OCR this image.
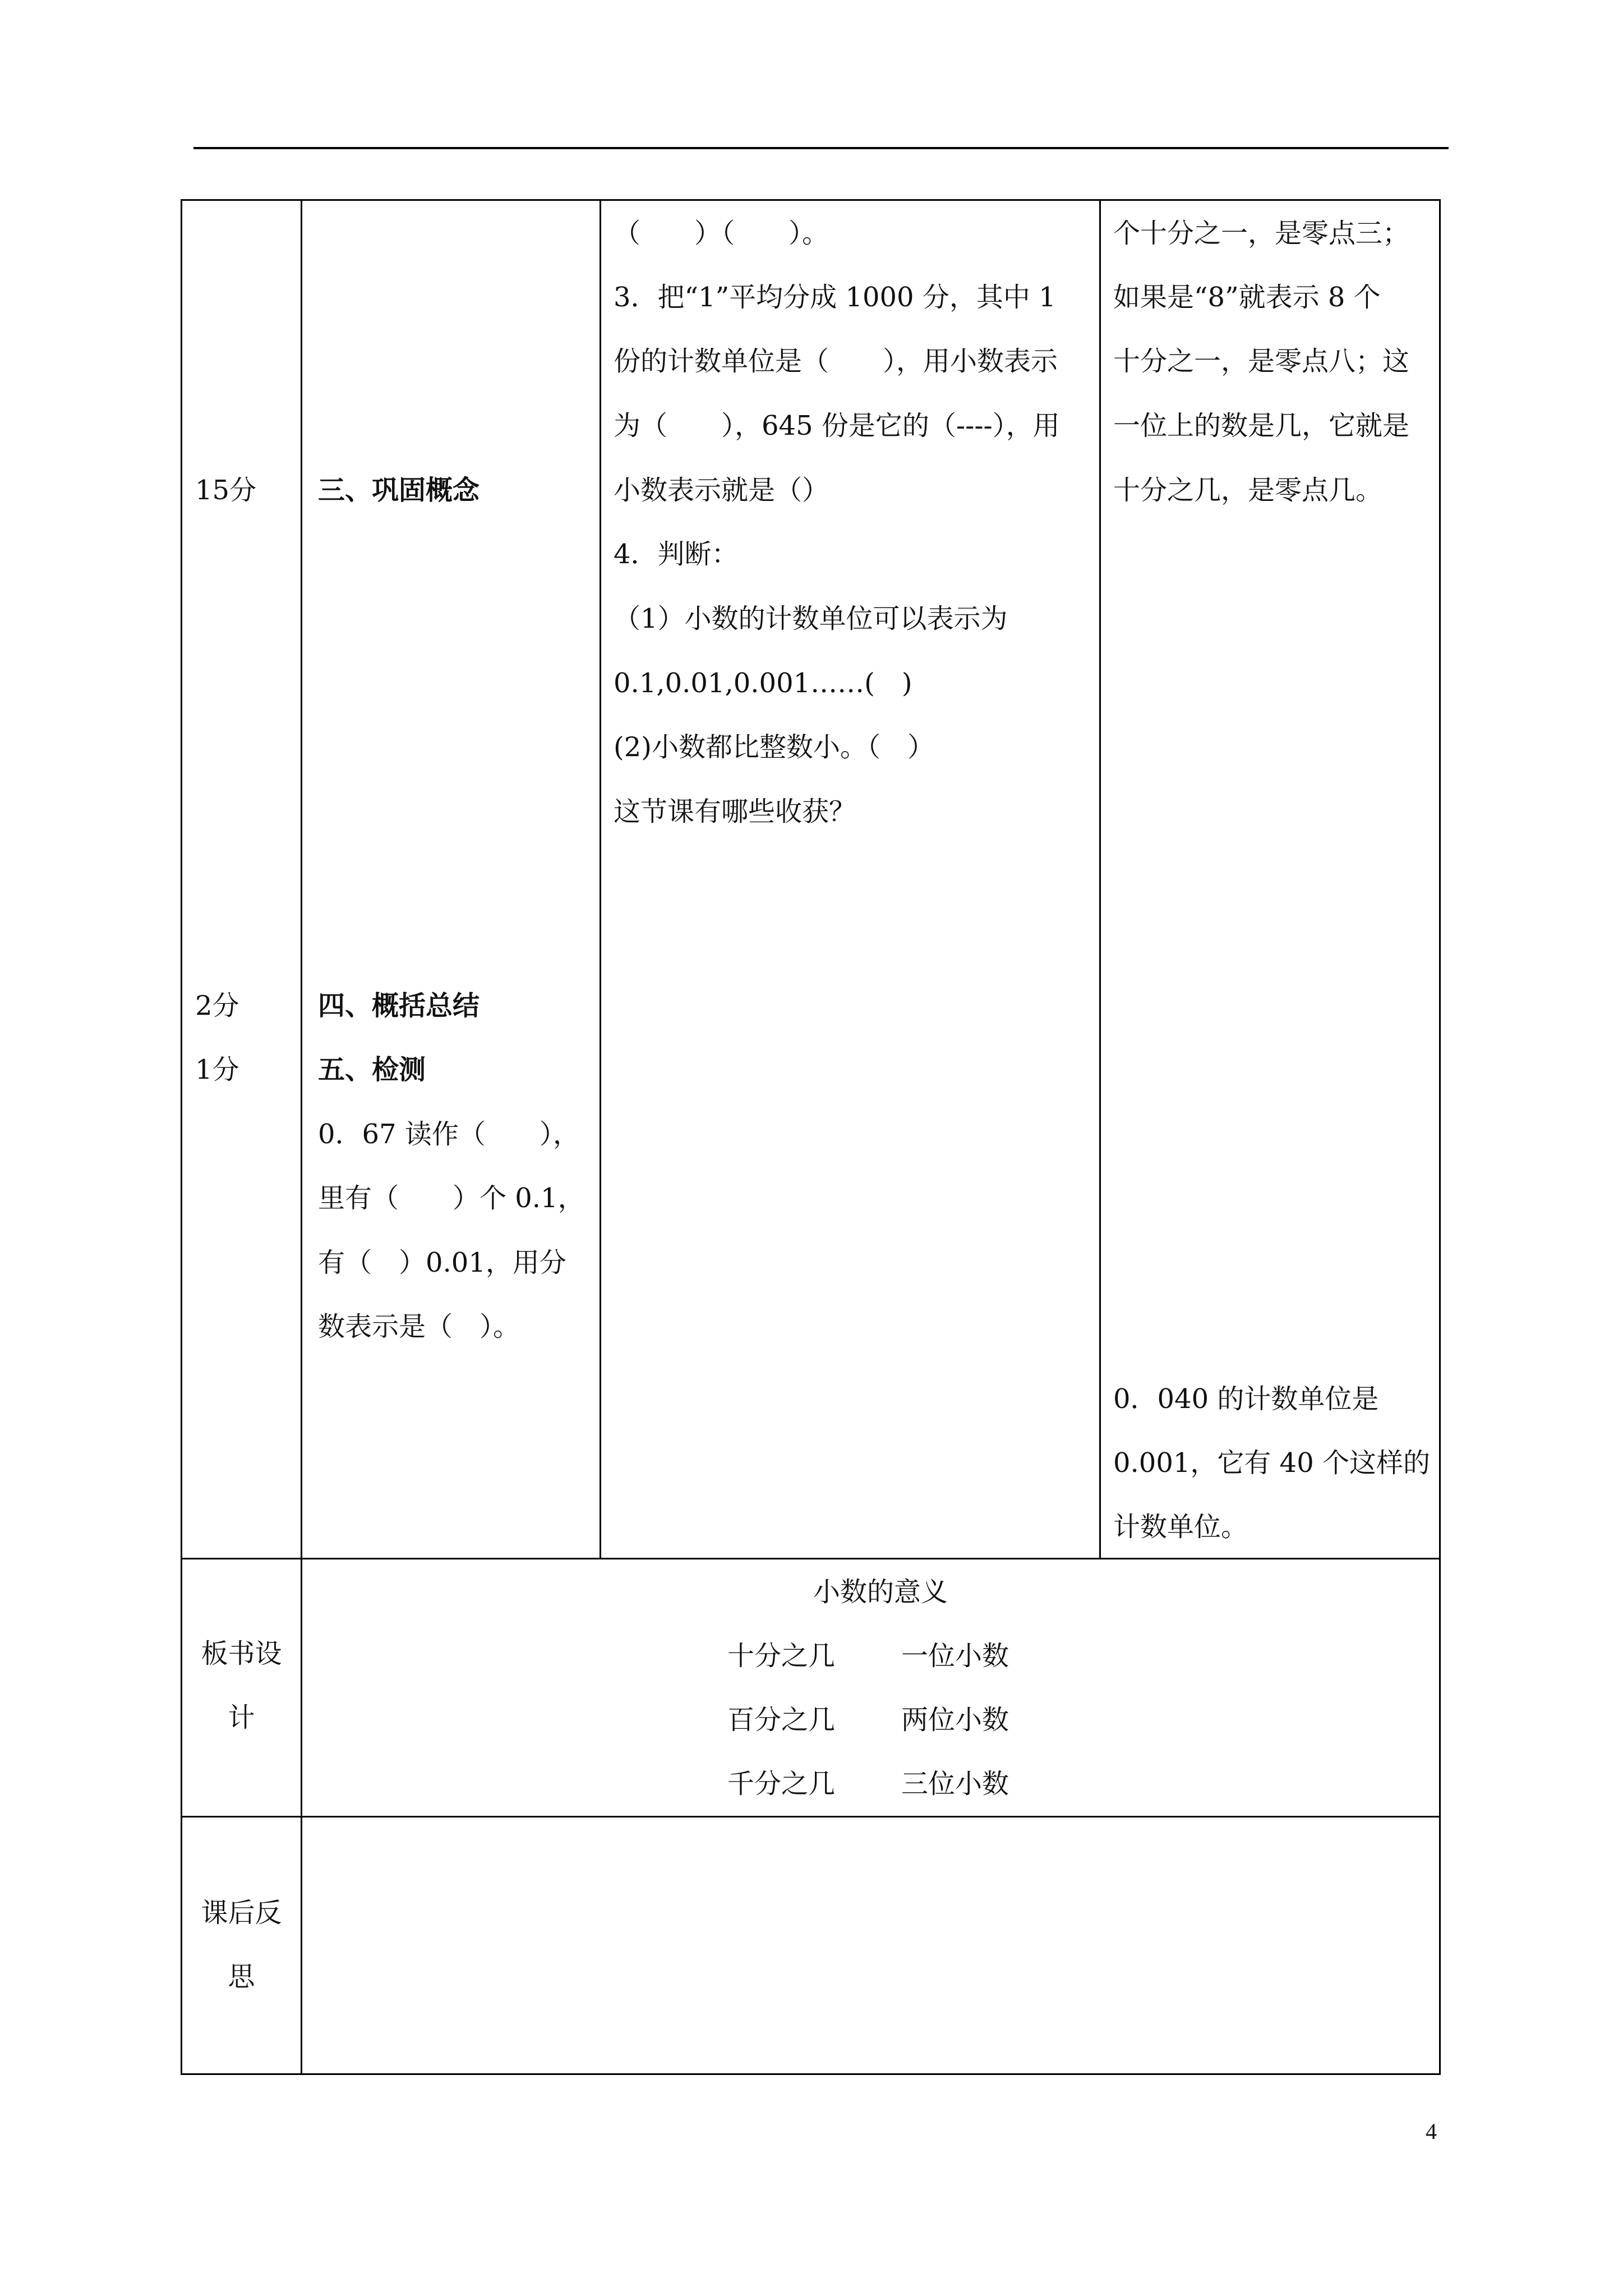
15分
2分
1分
三、巩固概念
四、概括总结
五、检测
0．67 读作（　　），
里有（　　）个 0.1，
有（　）0.01，用分
数表示是（　）。
（　　）（　　）。
3．把“1”平均分成 1000 分，其中 1
份的计数单位是（　　），用小数表示
为（　　），645 份是它的（----），用
小数表示就是（）
4．判断：
（1）小数的计数单位可以表示为
0.1,0.01,0.001……(　)
(2)小数都比整数小。（　）
这节课有哪些收获？
个十分之一，是零点三；
如果是“8”就表示 8 个
十分之一，是零点八；这
一位上的数是几，它就是
十分之几，是零点几。
0．040 的计数单位是
0.001，它有 40 个这样的
计数单位。
板书设
计
小数的意义
十分之几 一位小数
百分之几 两位小数
千分之几 三位小数
课后反
思
4
